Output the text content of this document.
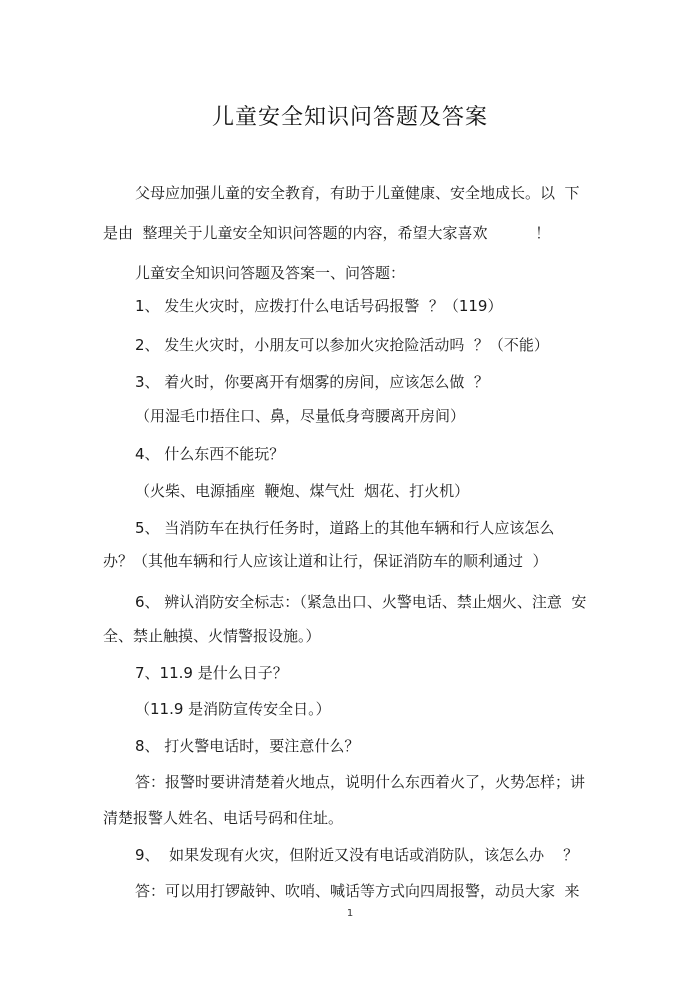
儿童安全知识问答题及答案
父母应加强儿童的安全教育，有助于儿童健康、安全地成长。以  下
是由  整理关于儿童安全知识问答题的内容，希望大家喜欢          ！
儿童安全知识问答题及答案一、问答题：
1、 发生火灾时，应拨打什么电话号码报警  ？（119）
2、 发生火灾时，小朋友可以参加火灾抢险活动吗  ？（不能）
3、 着火时，你要离开有烟雾的房间，应该怎么做  ？
（用湿毛巾捂住口、鼻，尽量低身弯腰离开房间）
4、 什么东西不能玩？
（火柴、电源插座  鞭炮、煤气灶  烟花、打火机）
5、 当消防车在执行任务时，道路上的其他车辆和行人应该怎么
办？（其他车辆和行人应该让道和让行，保证消防车的顺利通过  ）
6、 辨认消防安全标志：（紧急出口、火警电话、禁止烟火、注意  安
全、禁止触摸、火情警报设施。）
7、11.9 是什么日子？
（11.9 是消防宣传安全日。）
8、 打火警电话时，要注意什么？
答：报警时要讲清楚着火地点，说明什么东西着火了，火势怎样；讲
清楚报警人姓名、电话号码和住址。
9、  如果发现有火灾，但附近又没有电话或消防队，该怎么办    ？
答：可以用打锣敲钟、吹哨、喊话等方式向四周报警，动员大家  来
1
